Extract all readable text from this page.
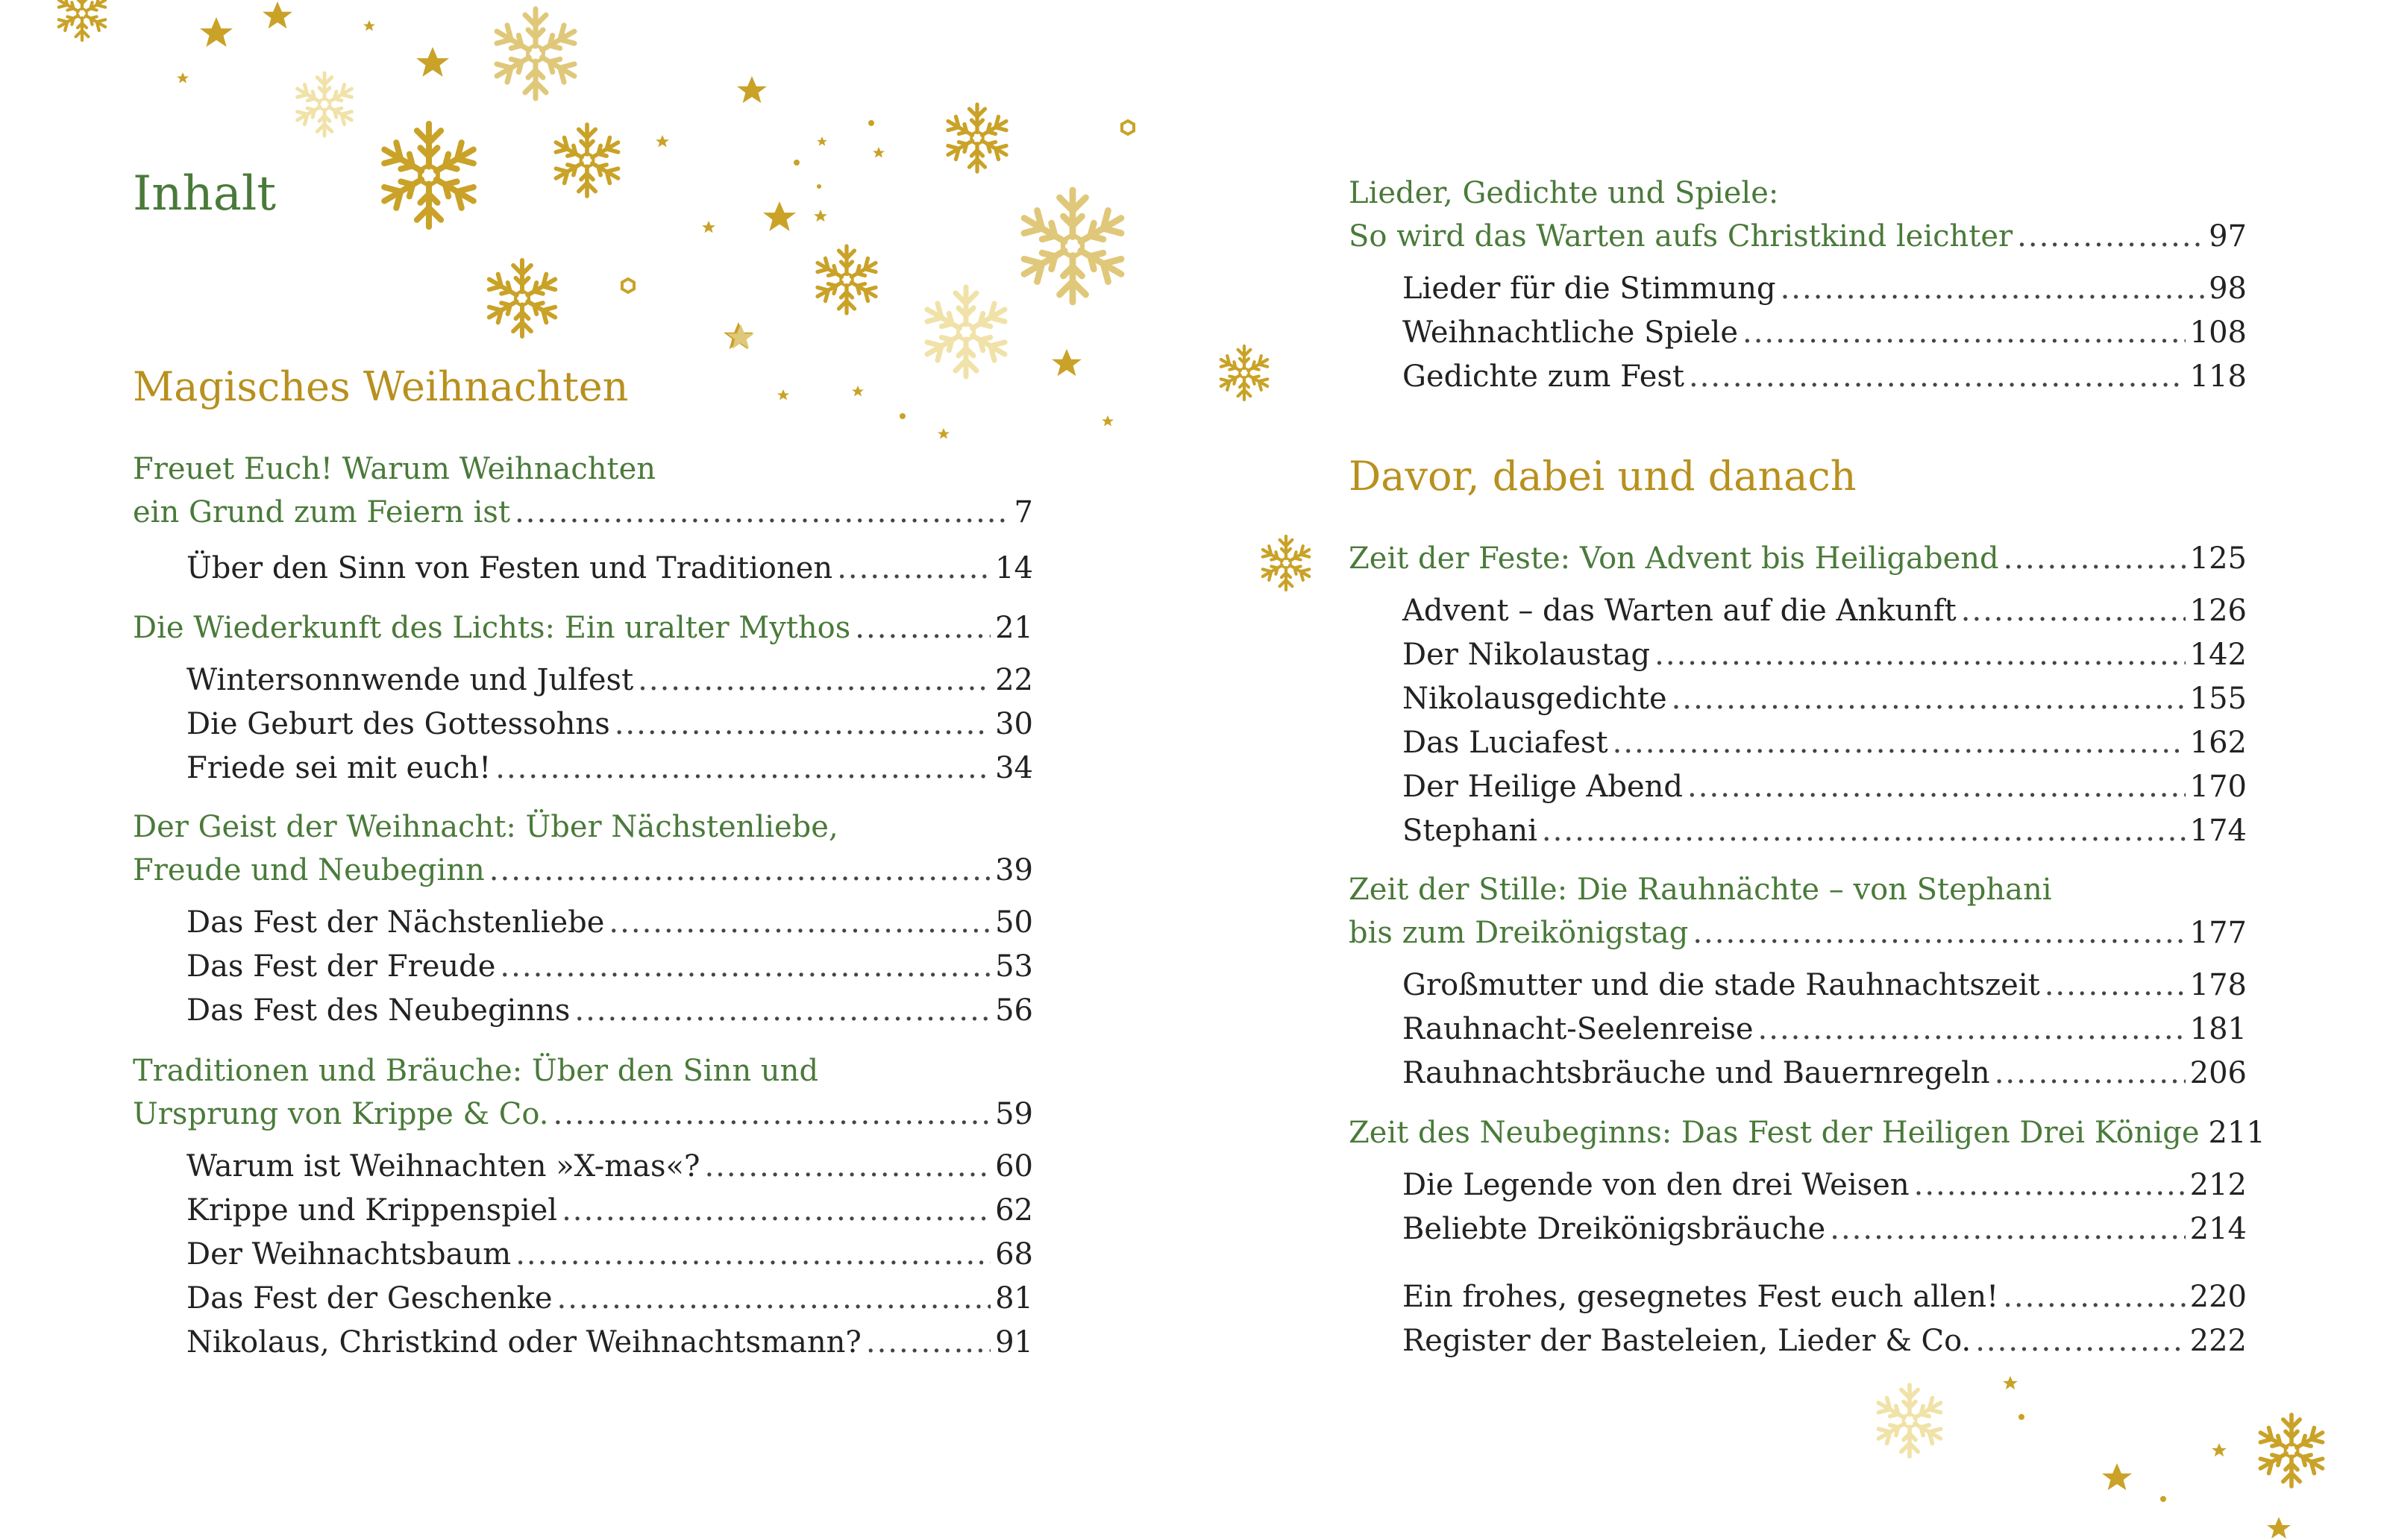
Inhalt
Magisches Weihnachten
Freuet Euch! Warum Weihnachten
ein Grund zum Feiern ist .....	7
Über den Sinn von Festen und Traditionen .....	14
Die Wiederkunft des Lichts: Ein uralter Mythos .....	21
Wintersonnwende und Julfest .....	22
Die Geburt des Gottessohns .....	30
Friede sei mit euch! .....	34
Der Geist der Weihnacht: Über Nächstenliebe,
Freude und Neubeginn .....	39
Das Fest der Nächstenliebe .....	50
Das Fest der Freude .....	53
Das Fest des Neubeginns .....	56
Traditionen und Bräuche: Über den Sinn und
Ursprung von Krippe & Co. .....	59
Warum ist Weihnachten »X-mas«? .....	60
Krippe und Krippenspiel .....	62
Der Weihnachtsbaum .....	68
Das Fest der Geschenke .....	81
Nikolaus, Christkind oder Weihnachtsmann? .....	91
Lieder, Gedichte und Spiele:
So wird das Warten aufs Christkind leichter .....	97
Lieder für die Stimmung .....	98
Weihnachtliche Spiele .....	108
Gedichte zum Fest .....	118
Davor, dabei und danach
Zeit der Feste: Von Advent bis Heiligabend .....	125
Advent – das Warten auf die Ankunft .....	126
Der Nikolaustag .....	142
Nikolausgedichte .....	155
Das Luciafest .....	162
Der Heilige Abend .....	170
Stephani .....	174
Zeit der Stille: Die Rauhnächte – von Stephani
bis zum Dreikönigstag .....	177
Großmutter und die stade Rauhnachtszeit .....	178
Rauhnacht-Seelenreise .....	181
Rauhnachtsbräuche und Bauernregeln .....	206
Zeit des Neubeginns: Das Fest der Heiligen Drei Könige 211
Die Legende von den drei Weisen .....	212
Beliebte Dreikönigsbräuche .....	214
Ein frohes, gesegnetes Fest euch allen! .....	220
Register der Basteleien, Lieder & Co. .....	222
